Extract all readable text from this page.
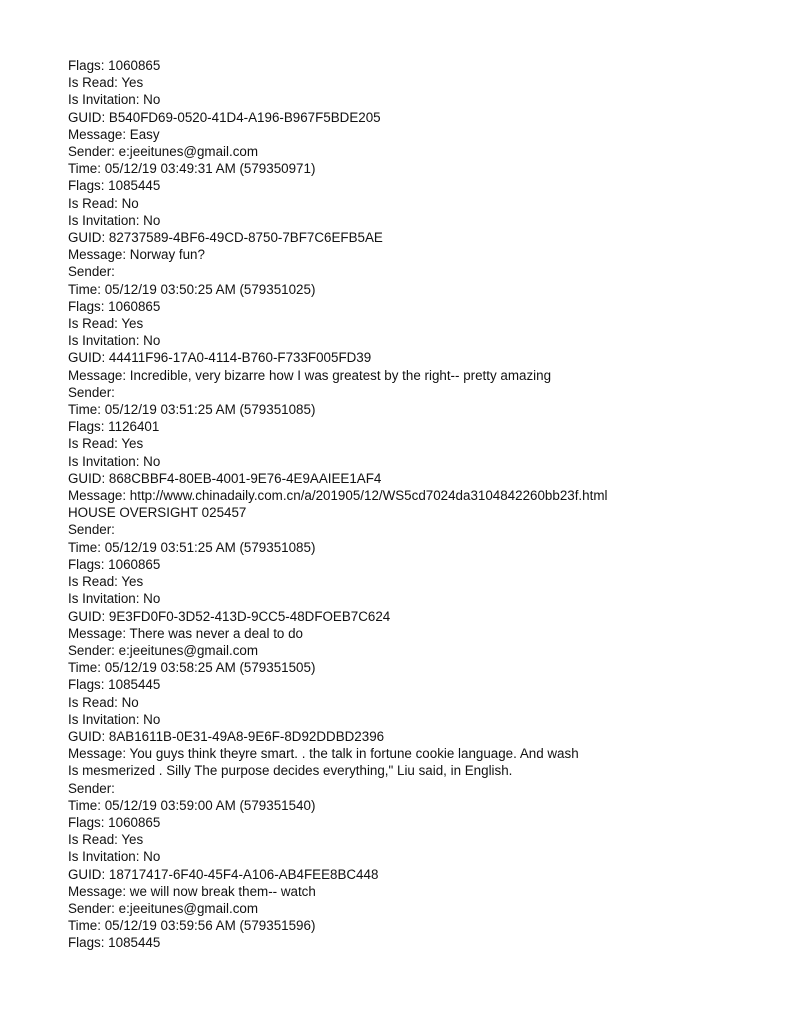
Flags: 1060865
Is Read: Yes
Is Invitation: No
GUID: B540FD69-0520-41D4-A196-B967F5BDE205
Message: Easy
Sender: e:jeeitunes@gmail.com
Time: 05/12/19 03:49:31 AM (579350971)
Flags: 1085445
Is Read: No
Is Invitation: No
GUID: 82737589-4BF6-49CD-8750-7BF7C6EFB5AE
Message: Norway fun?
Sender:
Time: 05/12/19 03:50:25 AM (579351025)
Flags: 1060865
Is Read: Yes
Is Invitation: No
GUID: 44411F96-17A0-4114-B760-F733F005FD39
Message: Incredible, very bizarre how I was greatest by the right-- pretty amazing
Sender:
Time: 05/12/19 03:51:25 AM (579351085)
Flags: 1126401
Is Read: Yes
Is Invitation: No
GUID: 868CBBF4-80EB-4001-9E76-4E9AAIEE1AF4
Message: http://www.chinadaily.com.cn/a/201905/12/WS5cd7024da3104842260bb23f.html
HOUSE OVERSIGHT 025457
Sender:
Time: 05/12/19 03:51:25 AM (579351085)
Flags: 1060865
Is Read: Yes
Is Invitation: No
GUID: 9E3FD0F0-3D52-413D-9CC5-48DFOEB7C624
Message: There was never a deal to do
Sender: e:jeeitunes@gmail.com
Time: 05/12/19 03:58:25 AM (579351505)
Flags: 1085445
Is Read: No
Is Invitation: No
GUID: 8AB1611B-0E31-49A8-9E6F-8D92DDBD2396
Message: You guys think theyre smart. . the talk in fortune cookie language. And wash
Is mesmerized . Silly The purpose decides everything," Liu said, in English.
Sender:
Time: 05/12/19 03:59:00 AM (579351540)
Flags: 1060865
Is Read: Yes
Is Invitation: No
GUID: 18717417-6F40-45F4-A106-AB4FEE8BC448
Message: we will now break them-- watch
Sender: e:jeeitunes@gmail.com
Time: 05/12/19 03:59:56 AM (579351596)
Flags: 1085445
